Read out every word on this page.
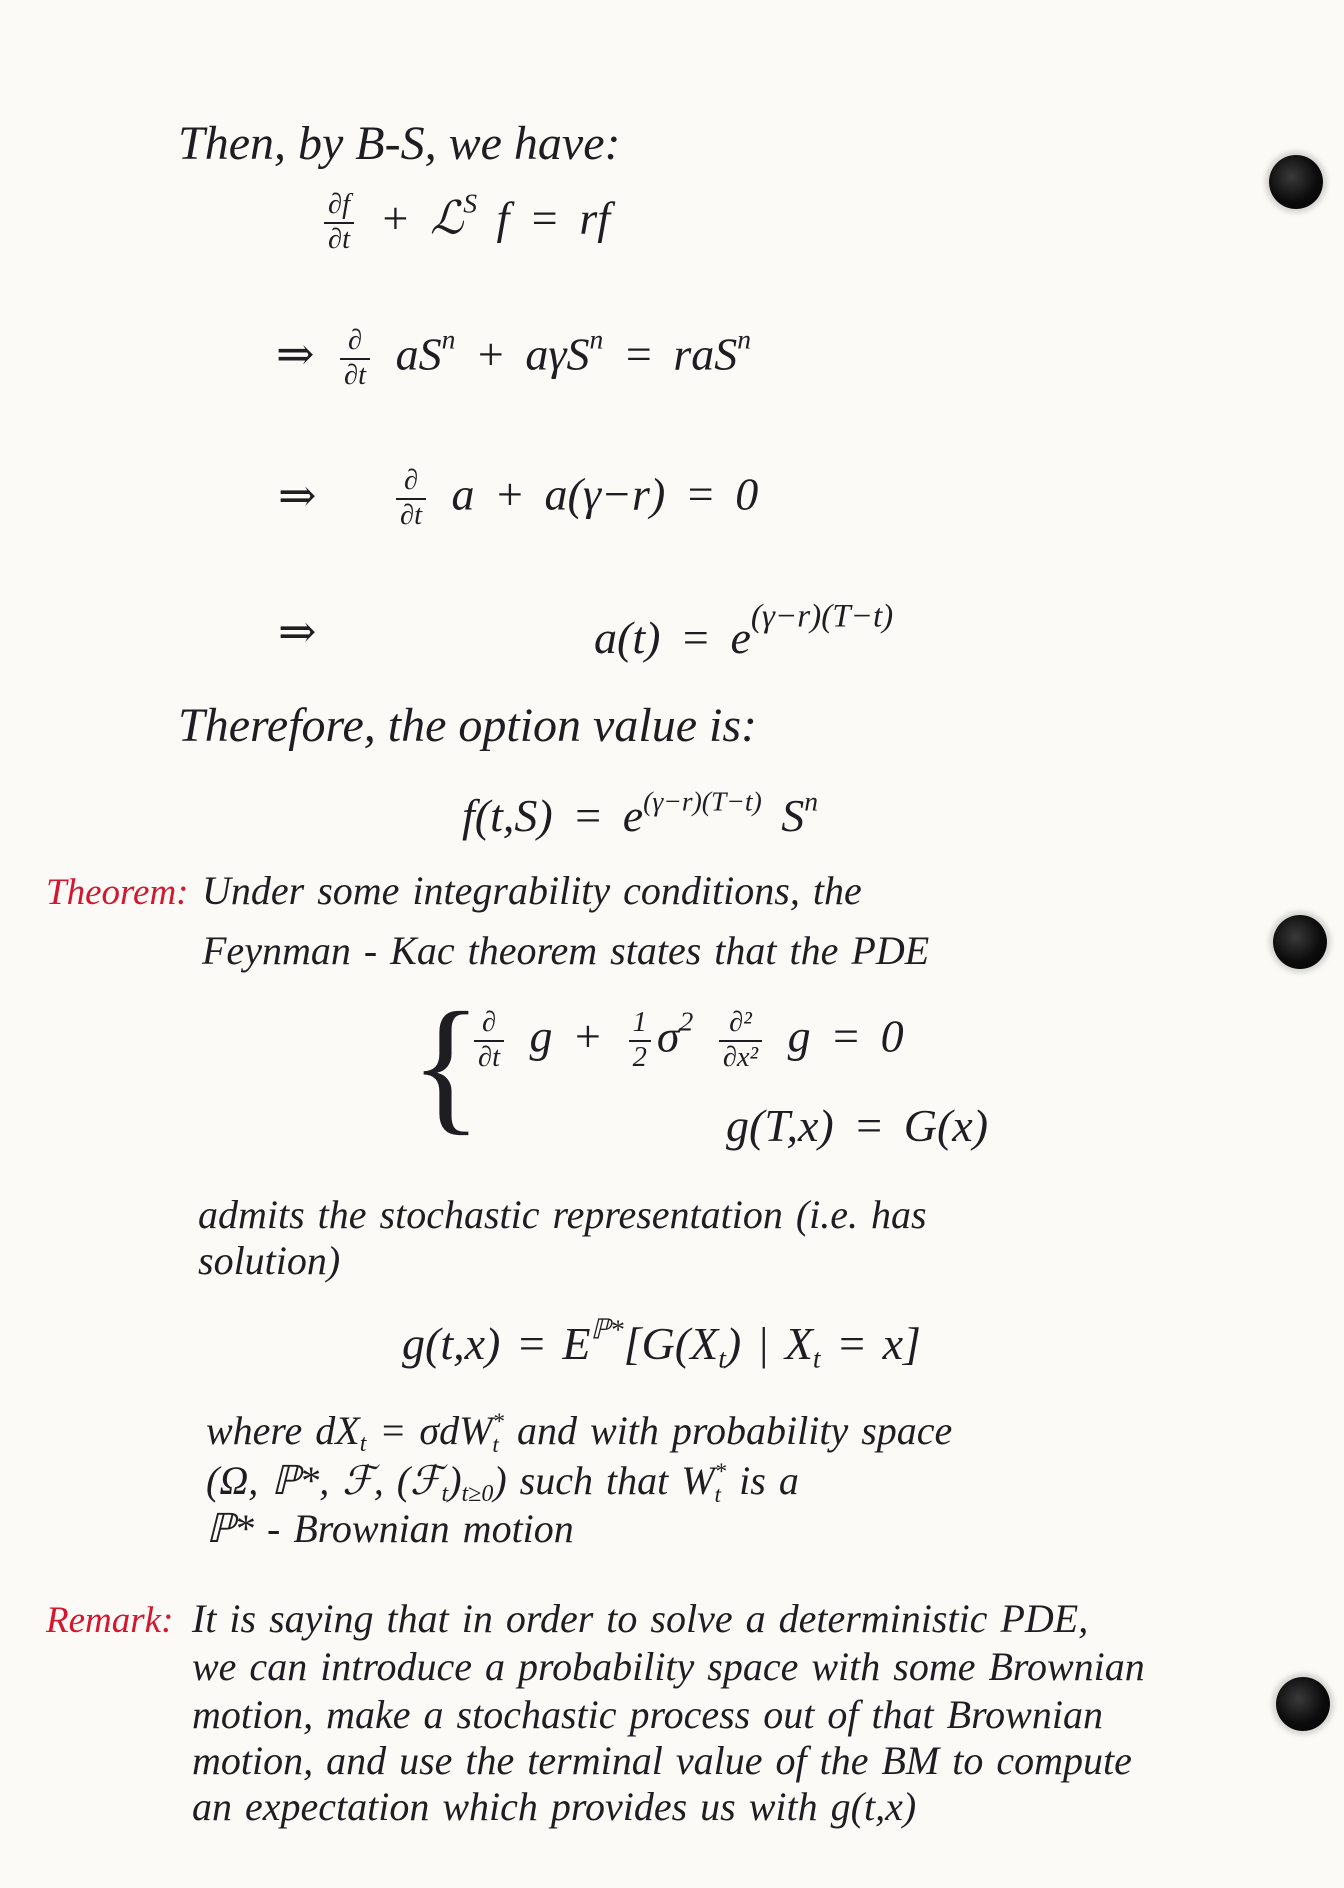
Then, by B-S, we have:
$\frac{\partial f}{\partial t}$ + ℒ$^S$ f = rf
⇒ $\frac{\partial}{\partial t} aS^n + a\gamma S^n = raS^n$
⇒	$\frac{\partial}{\partial t}$ a + a(γ−r) = 0
⇒	$a(t) = e^{(\gamma-r)(T-t)}$
Therefore, the option value is:
$f(t,S) = e^{(\gamma-r)(T-t)}$ $S^n$
Theorem: Under some integrability conditions, the
Feynman - Kac theorem states that the PDE
{
$\frac{\partial}{\partial t}$ $g + \frac{1}{2} \sigma^2 \frac{\text{∂²}}{\text{∂x²}}$ g = 0
g(T,x) = G(x)
admits the stochastic representation (i.e. has
solution)
$g(t,x) = E^{ℙ*}[G(X_t)$ | $X_t = x$]
where $dX_t = \sigma dW$ *
t and with probability space
(Ω, ℙ*, ℱ, $(ℱ_t)_{t\ge 0}$) such that W *
t is a
ℙ* - Brownian motion
Remark: It is saying that in order to solve a deterministic PDE,
we can introduce a probability space with some Brownian
motion, make a stochastic process out of that Brownian
motion, and use the terminal value of the BM to compute
an expectation which provides us with g(t,x)
